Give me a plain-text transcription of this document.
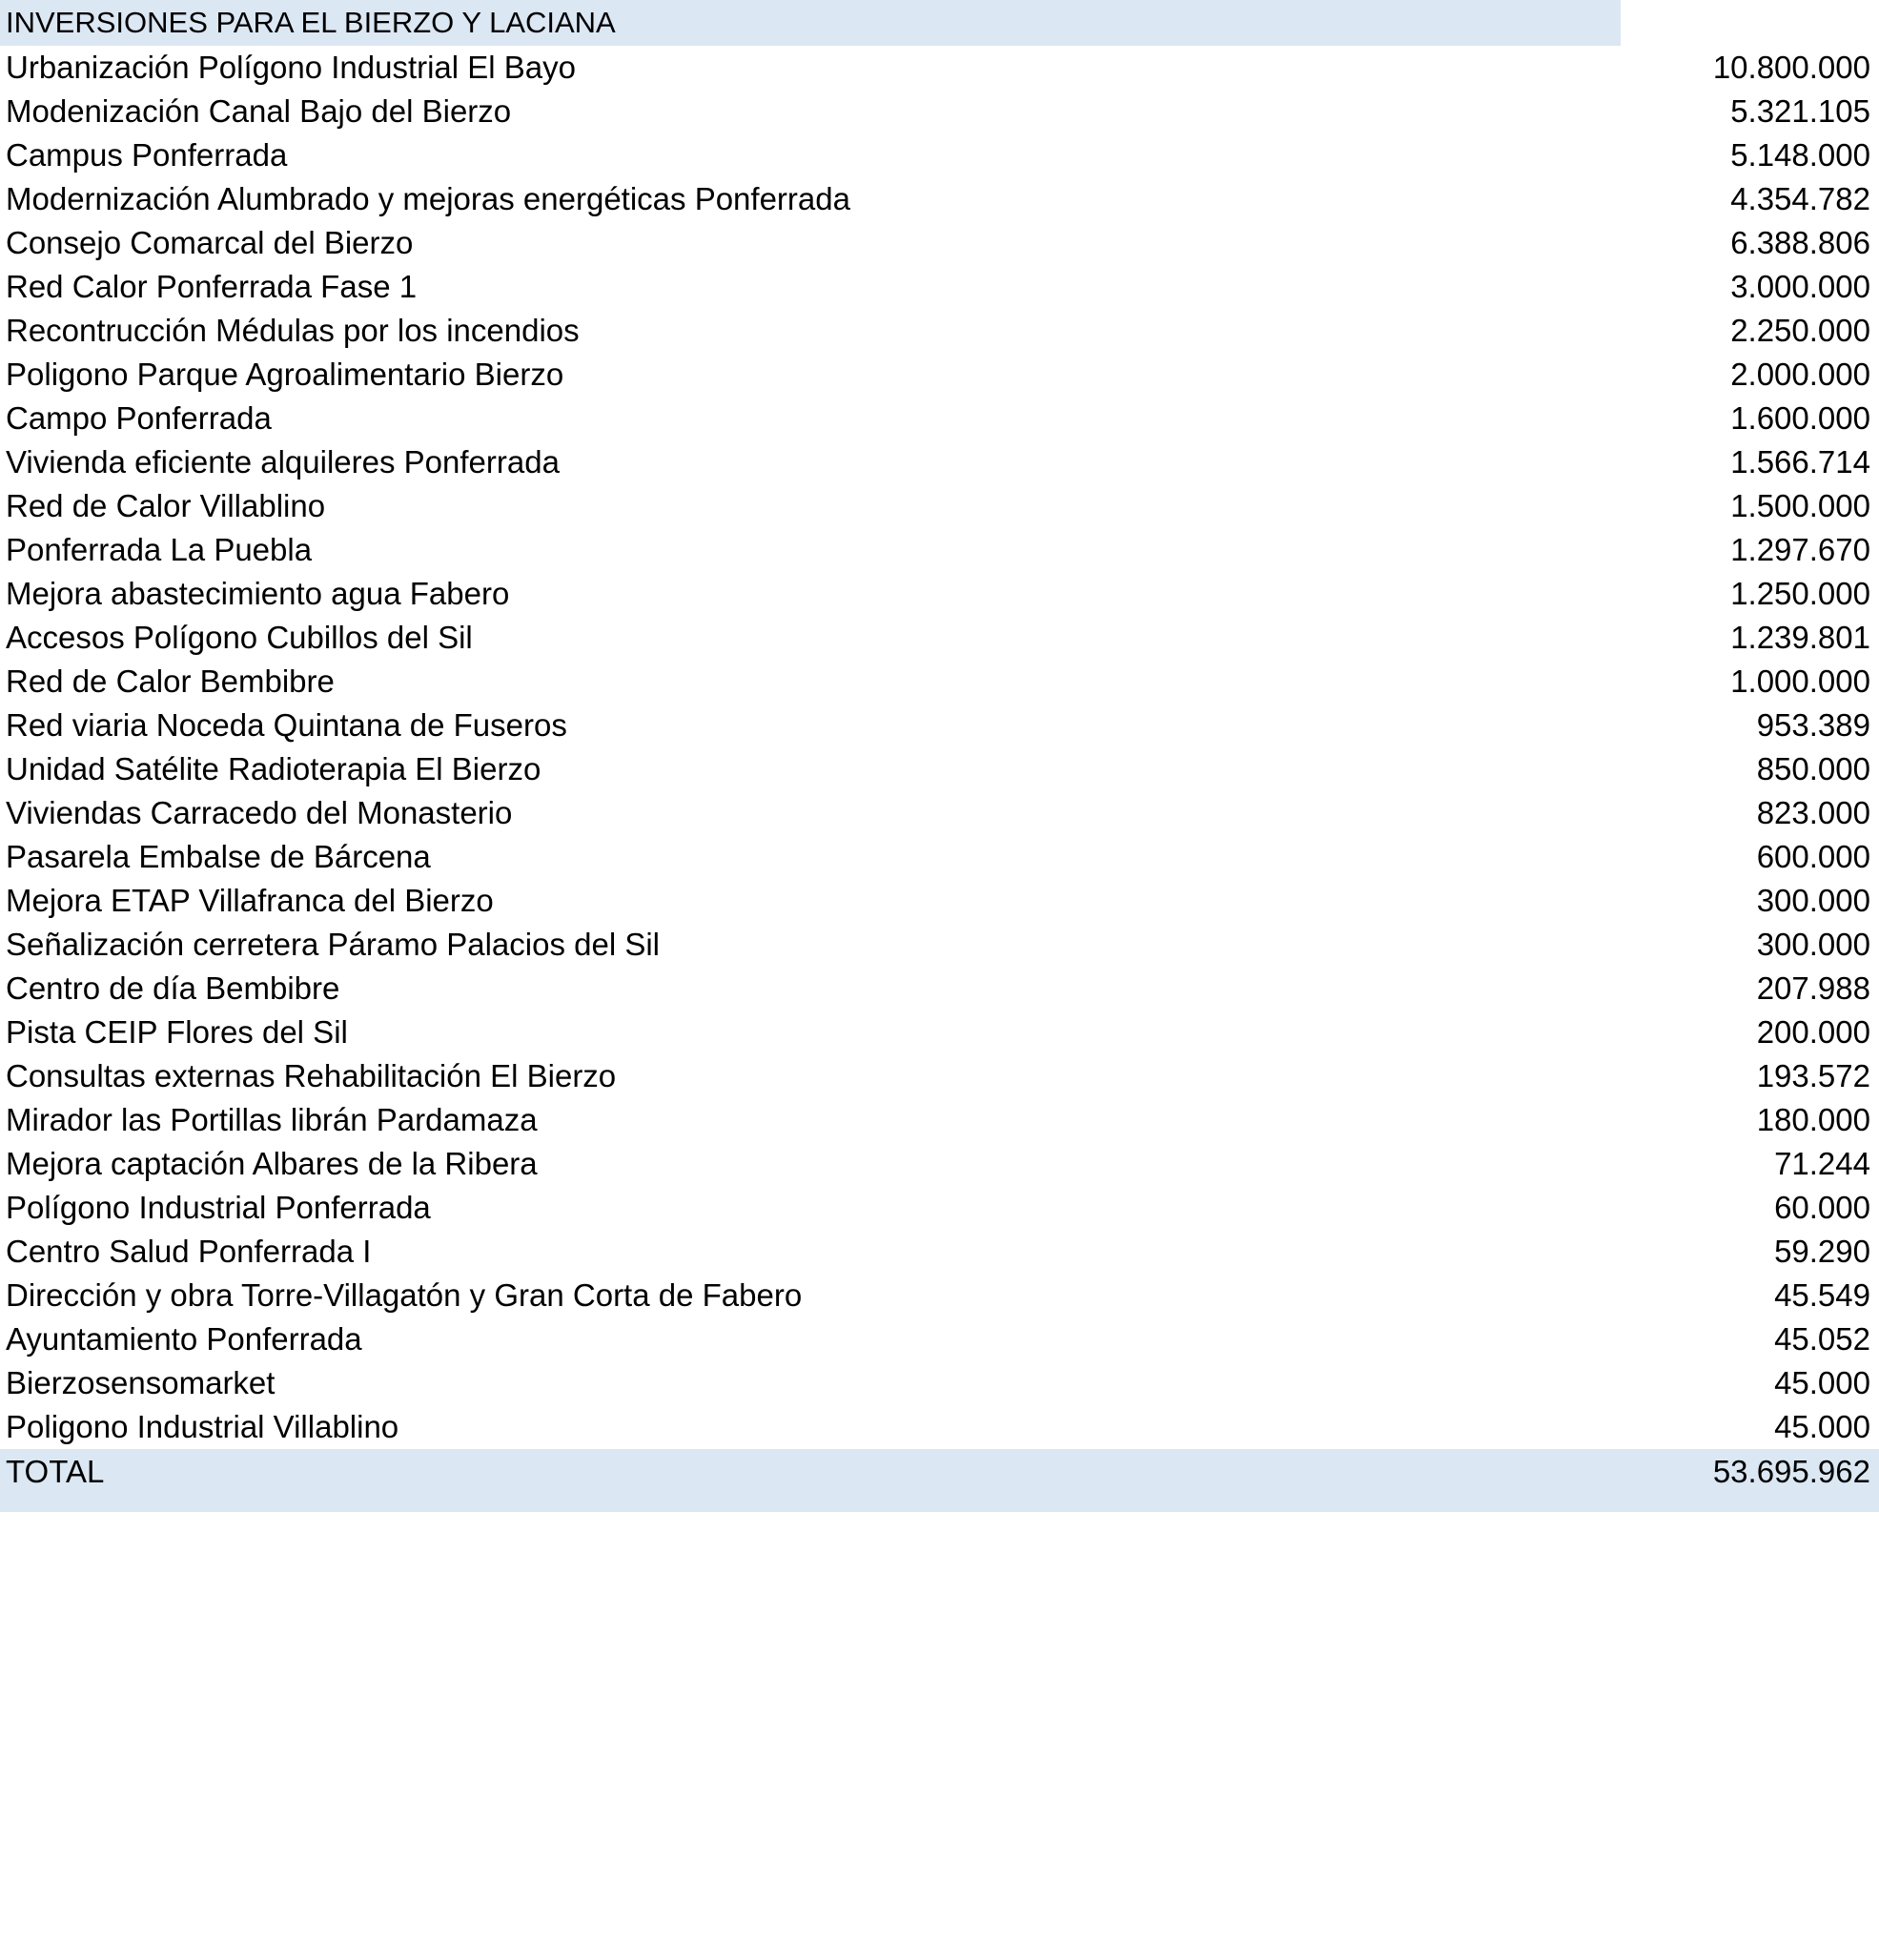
INVERSIONES PARA EL BIERZO Y LACIANA
Urbanización Polígono Industrial El Bayo	10.800.000
Modenización Canal Bajo del Bierzo	5.321.105
Campus Ponferrada	5.148.000
Modernización Alumbrado y mejoras energéticas Ponferrada	4.354.782
Consejo Comarcal del Bierzo	6.388.806
Red Calor Ponferrada Fase 1	3.000.000
Recontrucción Médulas por los incendios	2.250.000
Poligono Parque Agroalimentario Bierzo	2.000.000
Campo Ponferrada	1.600.000
Vivienda eficiente alquileres Ponferrada	1.566.714
Red de Calor Villablino	1.500.000
Ponferrada La Puebla	1.297.670
Mejora abastecimiento agua Fabero	1.250.000
Accesos Polígono Cubillos del Sil	1.239.801
Red de Calor Bembibre	1.000.000
Red viaria Noceda Quintana de Fuseros	953.389
Unidad Satélite Radioterapia El Bierzo	850.000
Viviendas Carracedo del Monasterio	823.000
Pasarela Embalse de Bárcena	600.000
Mejora ETAP Villafranca del Bierzo	300.000
Señalización cerretera Páramo Palacios del Sil	300.000
Centro de día Bembibre	207.988
Pista CEIP Flores del Sil	200.000
Consultas externas Rehabilitación El Bierzo	193.572
Mirador las Portillas librán Pardamaza	180.000
Mejora captación Albares de la Ribera	71.244
Polígono Industrial Ponferrada	60.000
Centro Salud Ponferrada I	59.290
Dirección y obra Torre-Villagatón y Gran Corta de Fabero	45.549
Ayuntamiento Ponferrada	45.052
Bierzosensomarket	45.000
Poligono Industrial Villablino	45.000
TOTAL	53.695.962
